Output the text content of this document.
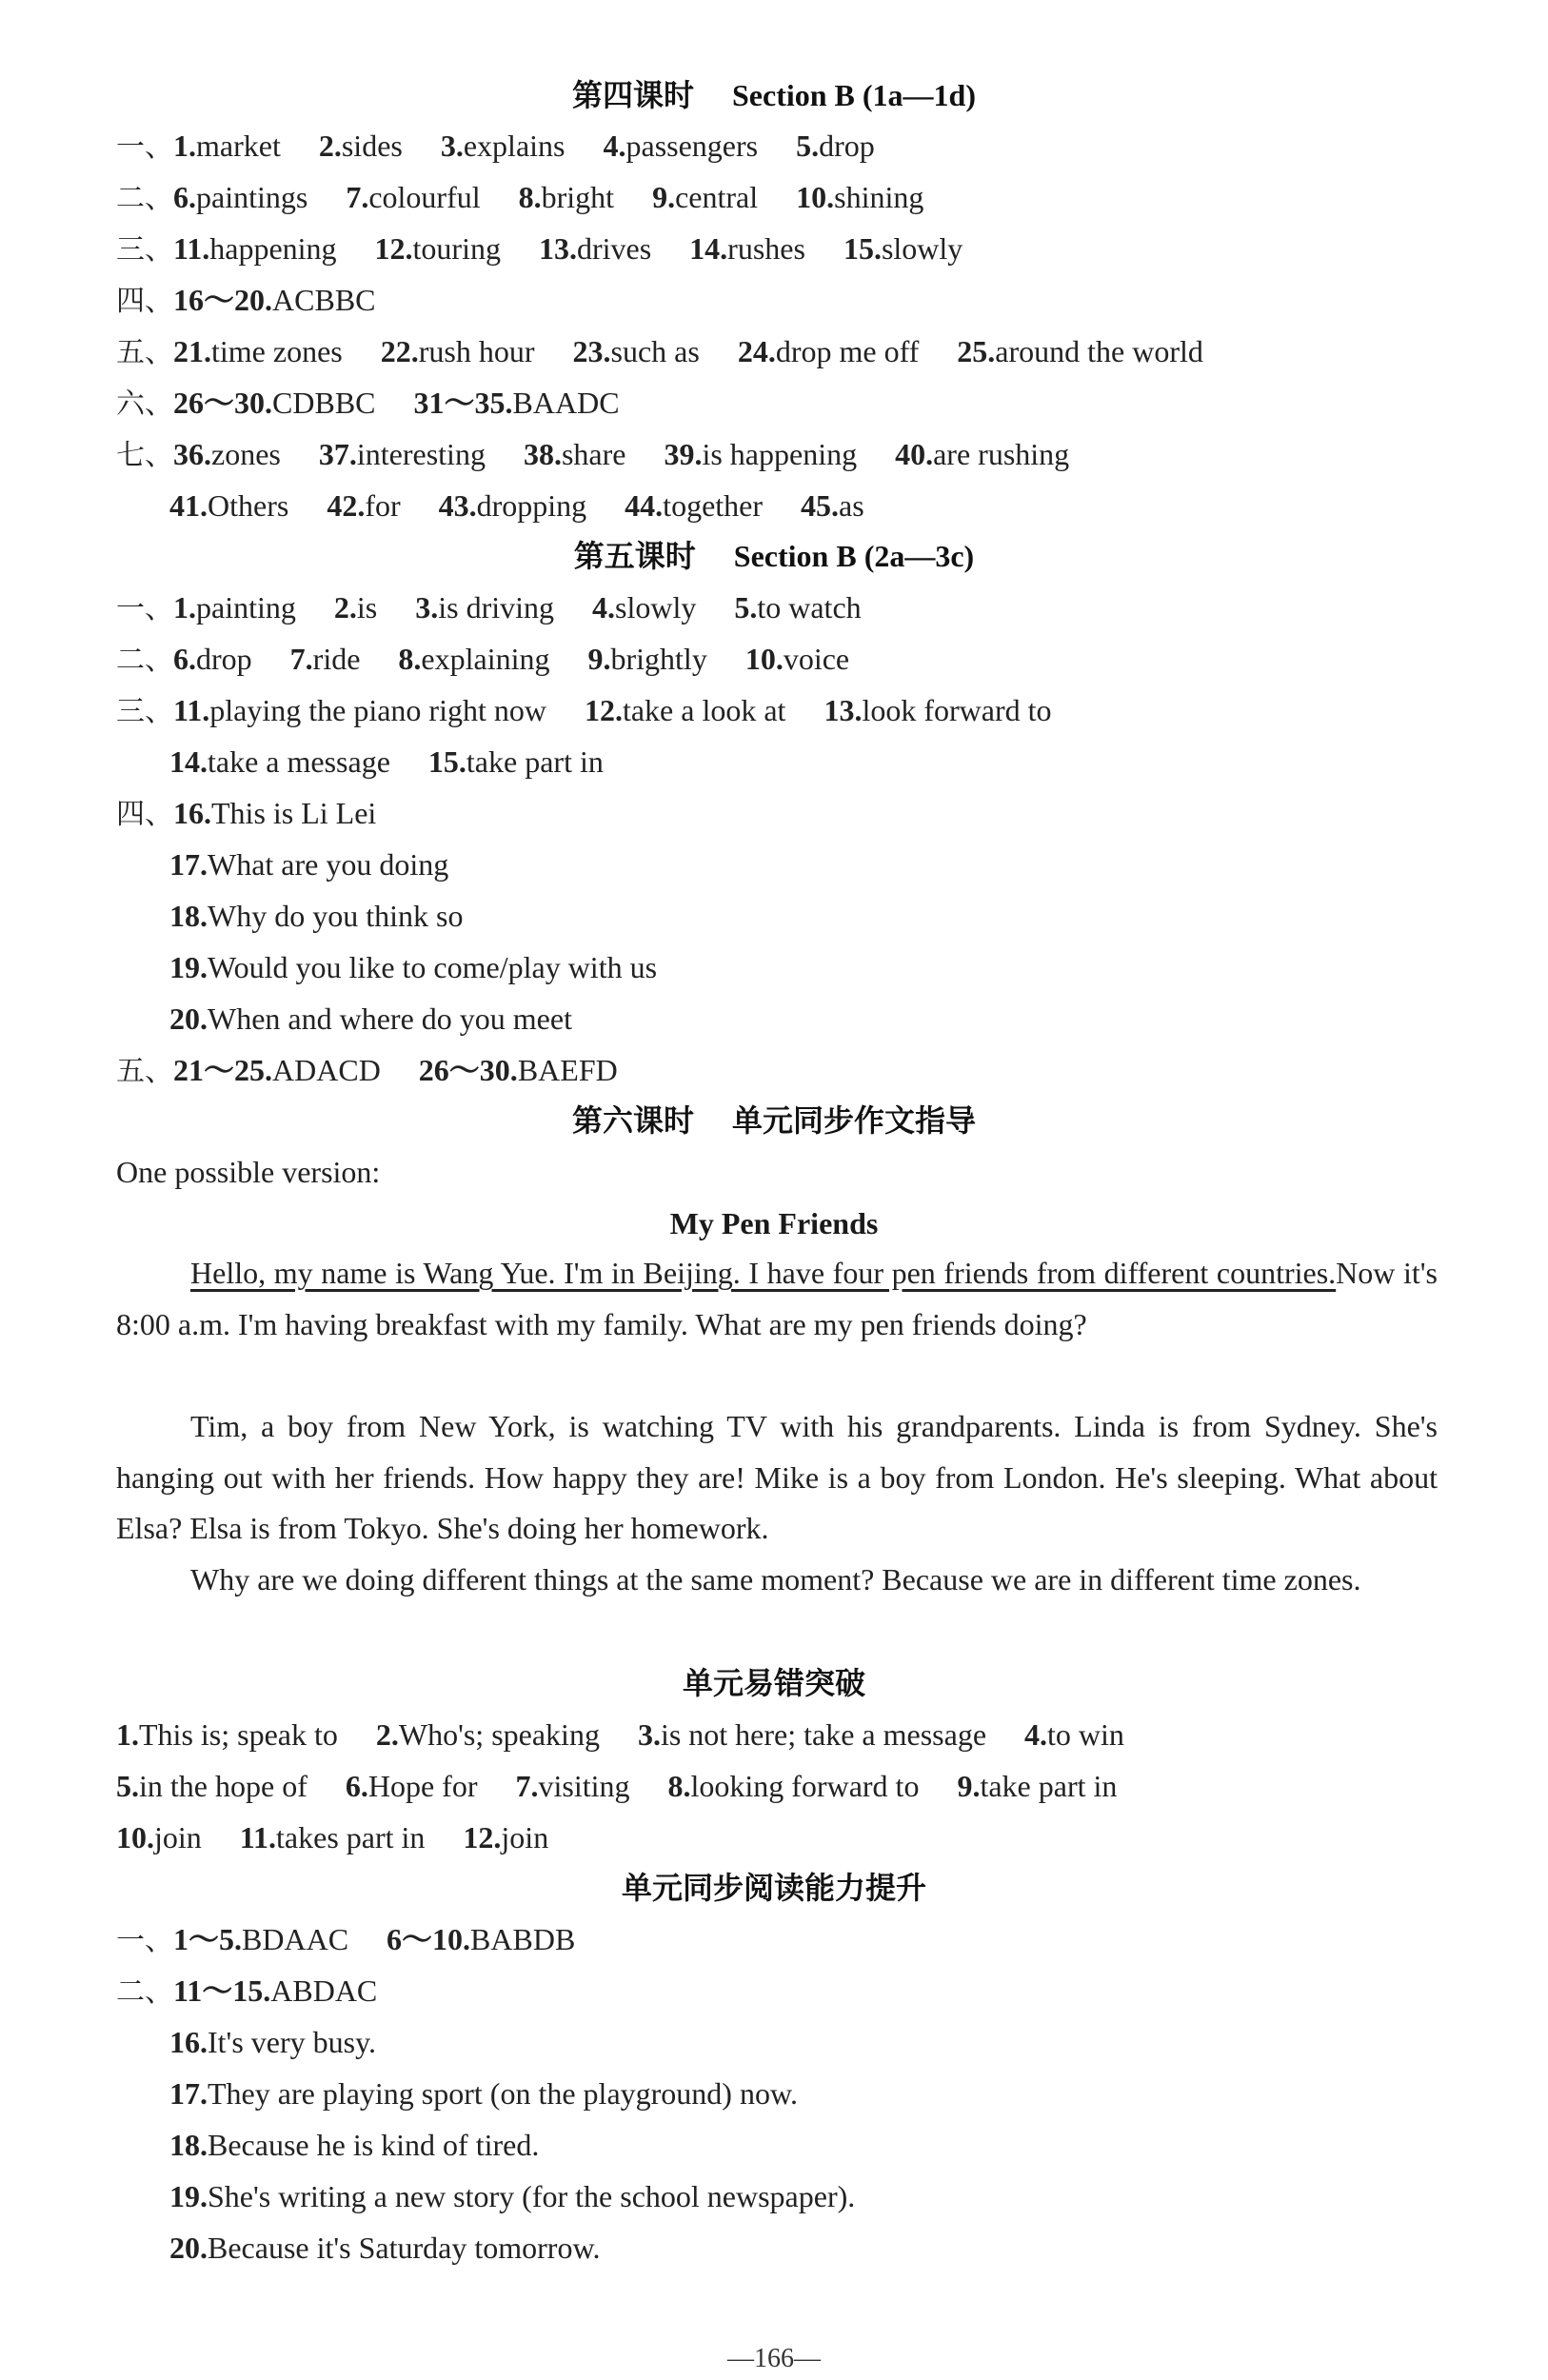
第四课时 Section B (1a—1d)
一、1.market 2.sides 3.explains 4.passengers 5.drop
二、6.paintings 7.colourful 8.bright 9.central 10.shining
三、11.happening 12.touring 13.drives 14.rushes 15.slowly
四、16～20.ACBBC
五、21.time zones 22.rush hour 23.such as 24.drop me off 25.around the world
六、26～30.CDBBC 31～35.BAADC
七、36.zones 37.interesting 38.share 39.is happening 40.are rushing
41.Others 42.for 43.dropping 44.together 45.as
第五课时 Section B (2a—3c)
一、1.painting 2.is 3.is driving 4.slowly 5.to watch
二、6.drop 7.ride 8.explaining 9.brightly 10.voice
三、11.playing the piano right now 12.take a look at 13.look forward to
14.take a message 15.take part in
四、16.This is Li Lei
17.What are you doing
18.Why do you think so
19.Would you like to come/play with us
20.When and where do you meet
五、21～25.ADACD 26～30.BAEFD
第六课时 单元同步作文指导
One possible version:
My Pen Friends
Hello, my name is Wang Yue. I'm in Beijing. I have four pen friends from different countries.Now it's 8:00 a.m. I'm having breakfast with my family. What are my pen friends doing?
Tim, a boy from New York, is watching TV with his grandparents. Linda is from Sydney. She's hanging out with her friends. How happy they are! Mike is a boy from London. He's sleeping. What about Elsa? Elsa is from Tokyo. She's doing her homework.
Why are we doing different things at the same moment? Because we are in different time zones.
单元易错突破
1.This is; speak to 2.Who's; speaking 3.is not here; take a message 4.to win
5.in the hope of 6.Hope for 7.visiting 8.looking forward to 9.take part in
10.join 11.takes part in 12.join
单元同步阅读能力提升
一、1～5.BDAAC 6～10.BABDB
二、11～15.ABDAC
16.It's very busy.
17.They are playing sport (on the playground) now.
18.Because he is kind of tired.
19.She's writing a new story (for the school newspaper).
20.Because it's Saturday tomorrow.
—166—
